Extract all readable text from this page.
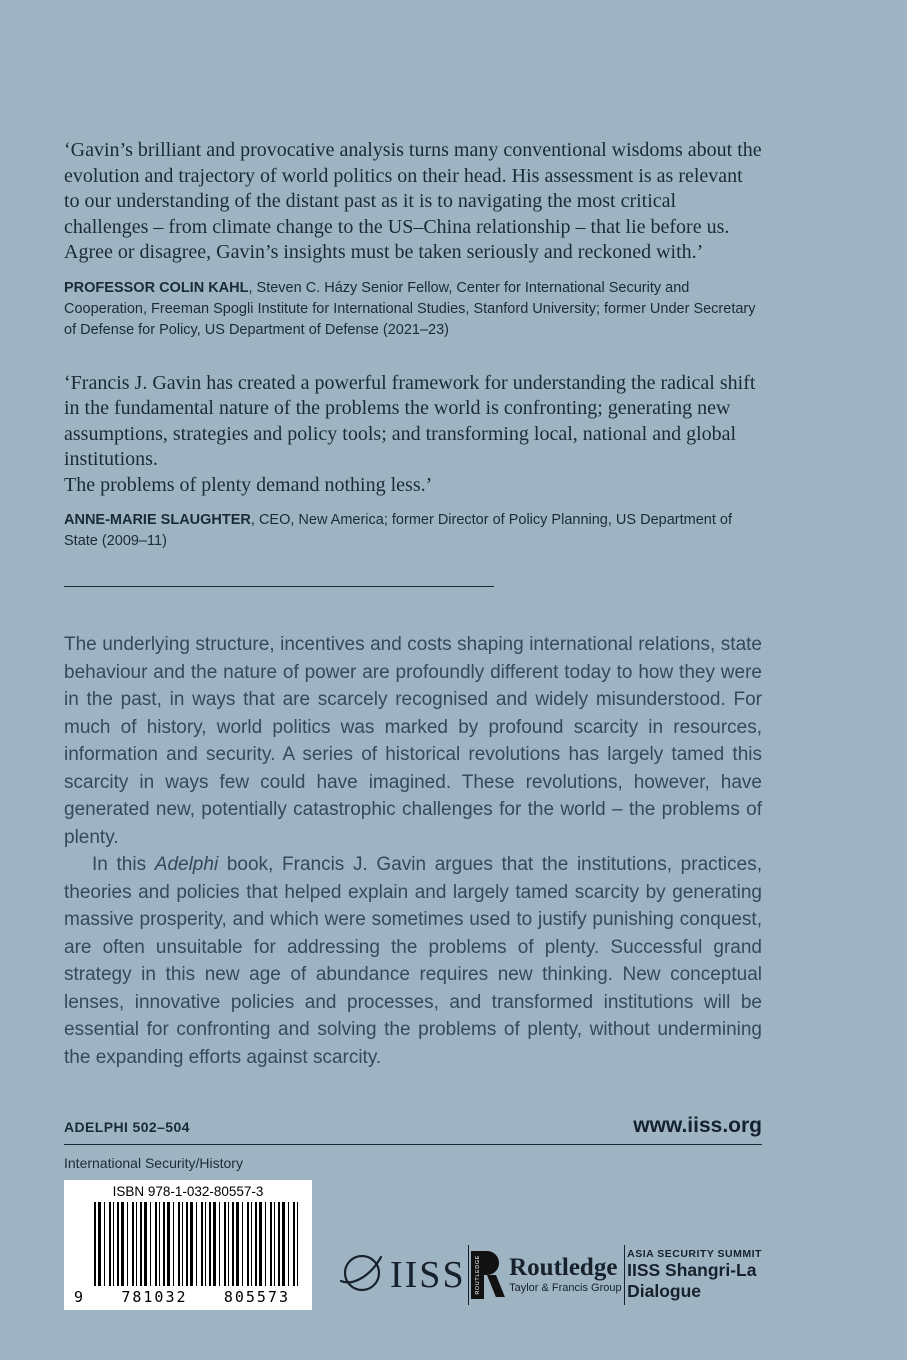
‘Gavin’s brilliant and provocative analysis turns many conventional wisdoms about the evolution and trajectory of world politics on their head. His assessment is as relevant to our understanding of the distant past as it is to navigating the most critical challenges – from climate change to the US–China relationship – that lie before us. Agree or disagree, Gavin’s insights must be taken seriously and reckoned with.’

PROFESSOR COLIN KAHL, Steven C. Házy Senior Fellow, Center for International Security and Cooperation, Freeman Spogli Institute for International Studies, Stanford University; former Under Secretary of Defense for Policy, US Department of Defense (2021–23)

‘Francis J. Gavin has created a powerful framework for understanding the radical shift in the fundamental nature of the problems the world is confronting; generating new assumptions, strategies and policy tools; and transforming local, national and global institutions.
The problems of plenty demand nothing less.’

ANNE-MARIE SLAUGHTER, CEO, New America; former Director of Policy Planning, US Department of State (2009–11)

The underlying structure, incentives and costs shaping international relations, state behaviour and the nature of power are profoundly different today to how they were in the past, in ways that are scarcely recognised and widely misunderstood. For much of history, world politics was marked by profound scarcity in resources, information and security. A series of historical revolutions has largely tamed this scarcity in ways few could have imagined. These revolutions, however, have generated new, potentially catastrophic challenges for the world – the problems of plenty.

In this Adelphi book, Francis J. Gavin argues that the institutions, practices, theories and policies that helped explain and largely tamed scarcity by generating massive prosperity, and which were sometimes used to justify punishing conquest, are often unsuitable for addressing the problems of plenty. Successful grand strategy in this new age of abundance requires new thinking. New conceptual lenses, innovative policies and processes, and transformed institutions will be essential for confronting and solving the problems of plenty, without undermining the expanding efforts against scarcity.

ADELPHI 502–504	www.iiss.org
International Security/History
ISBN 978-1-032-80557-3
9 781032 805573
IISS ROUTLEDGE Routledge
Taylor & Francis Group
ASIA SECURITY SUMMIT
IISS Shangri-La
Dialogue
